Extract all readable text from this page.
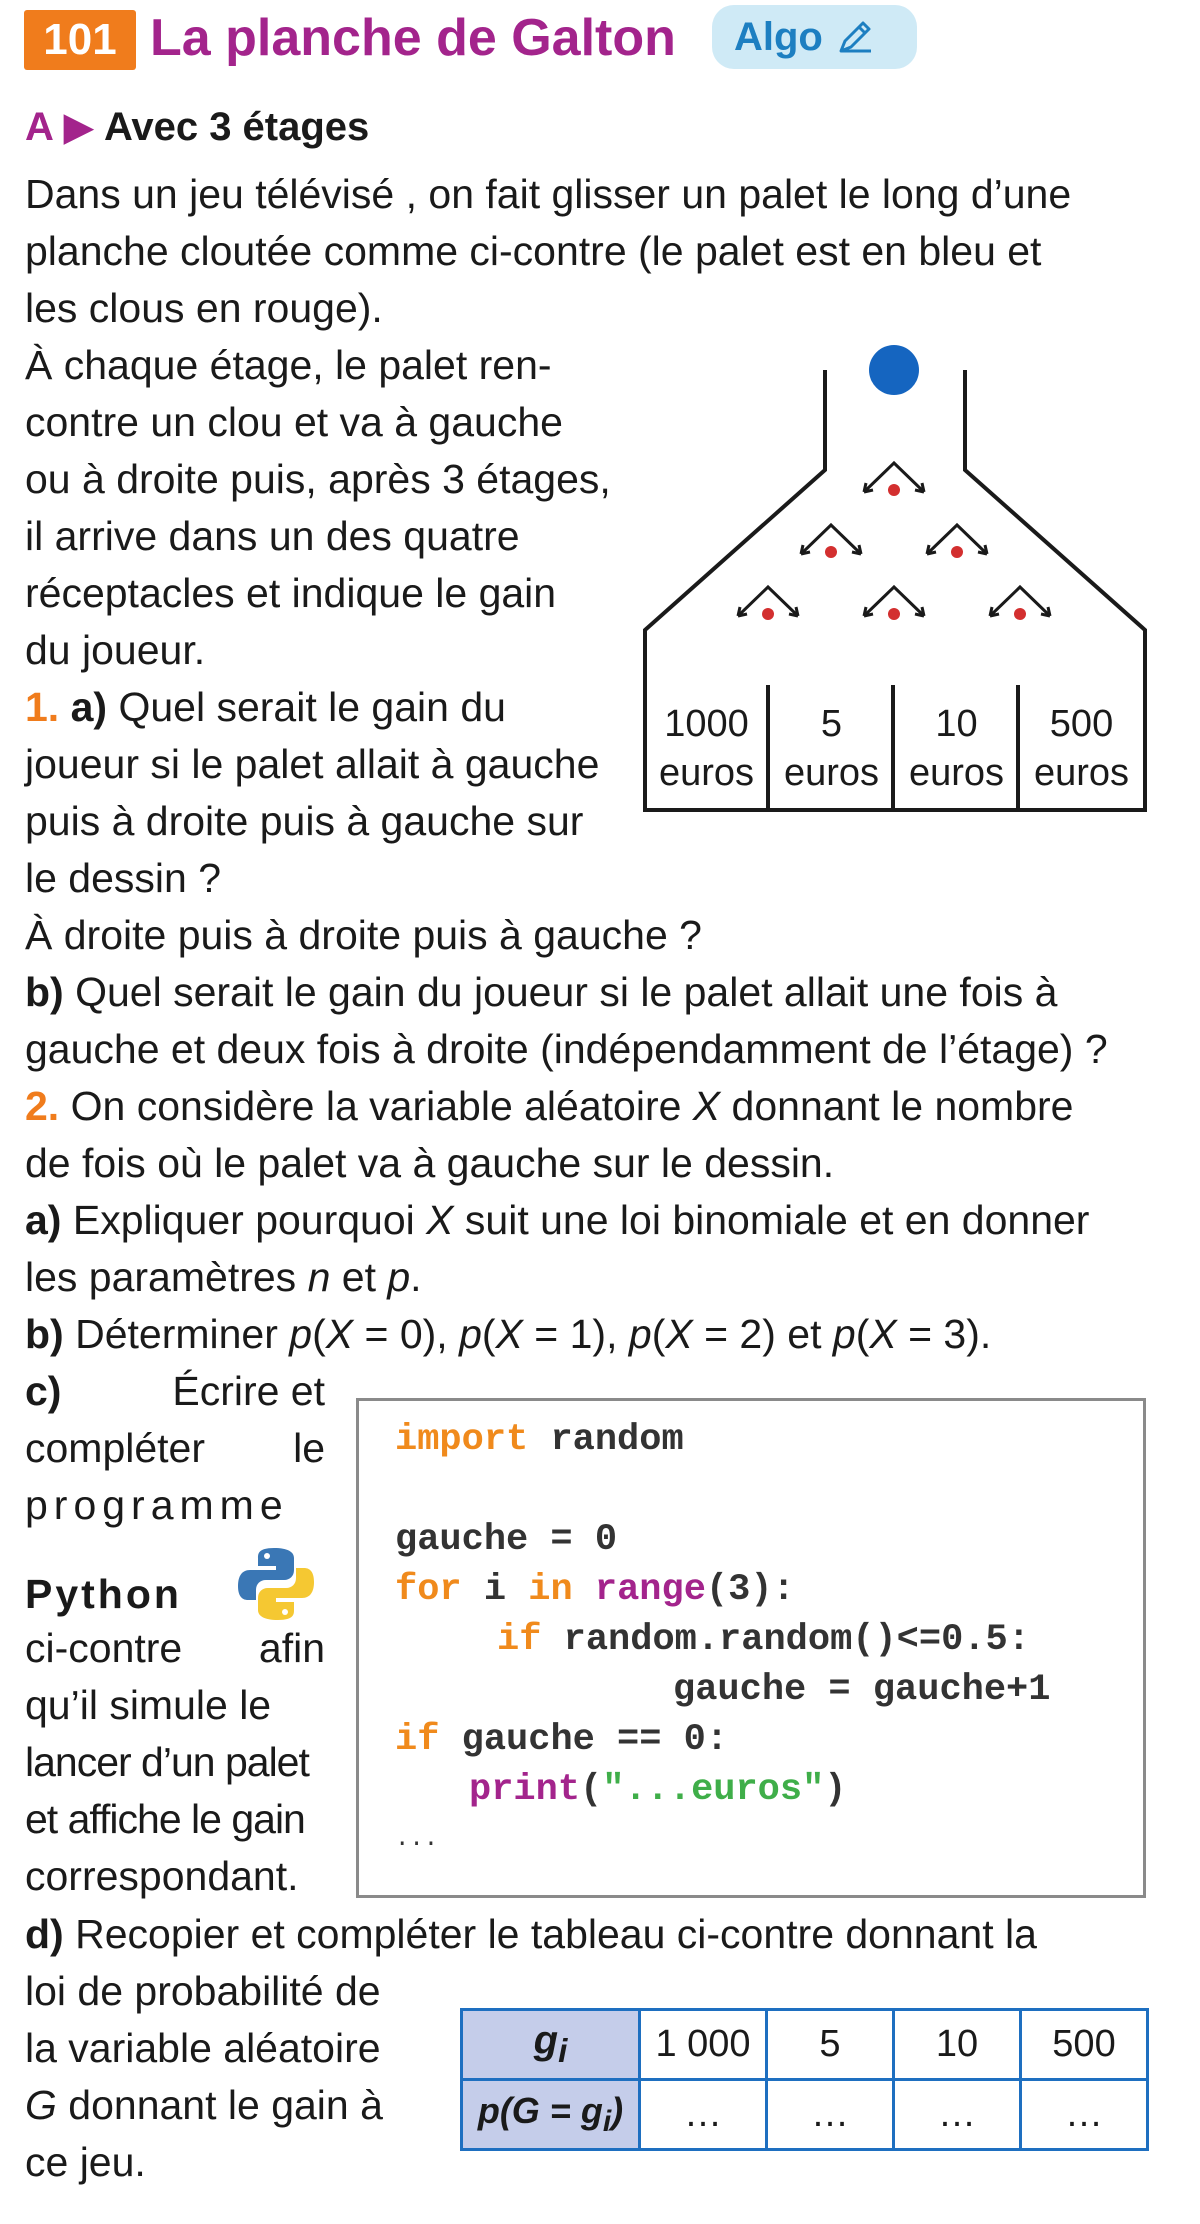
101 La planche de Galton Algo
A ▶ Avec 3 étages
Dans un jeu télévisé , on fait glisser un palet le long d’une
planche cloutée comme ci-contre (le palet est en bleu et
les clous en rouge).
À chaque étage, le palet ren-
contre un clou et va à gauche
ou à droite puis, après 3 étages,
il arrive dans un des quatre
réceptacles et indique le gain
du joueur.
1. a) Quel serait le gain du
joueur si le palet allait à gauche
puis à droite puis à gauche sur
le dessin ?
À droite puis à droite puis à gauche ?
b) Quel serait le gain du joueur si le palet allait une fois à
gauche et deux fois à droite (indépendamment de l’étage) ?
1000
euros
5
euros
10
euros
500
euros
2. On considère la variable aléatoire X donnant le nombre
de fois où le palet va à gauche sur le dessin.
a) Expliquer pourquoi X suit une loi binomiale et en donner
les paramètres n et p.
b) Déterminer p(X = 0), p(X = 1), p(X = 2) et p(X = 3).
c)	Écrire et
compléter le
programme
Python
ci-contre afin
qu’il simule le
lancer d’un palet
et affiche le gain
correspondant.
import random
gauche = 0
for i in range(3):
if random.random()<=0.5:
gauche = gauche+1
if gauche == 0:
print("...euros")
...
d) Recopier et compléter le tableau ci-contre donnant la
loi de probabilité de
la variable aléatoire
G donnant le gain à
ce jeu.
$g_i$	1 000	5	10	500
$p(G = g_i)$	…	…	…	…
